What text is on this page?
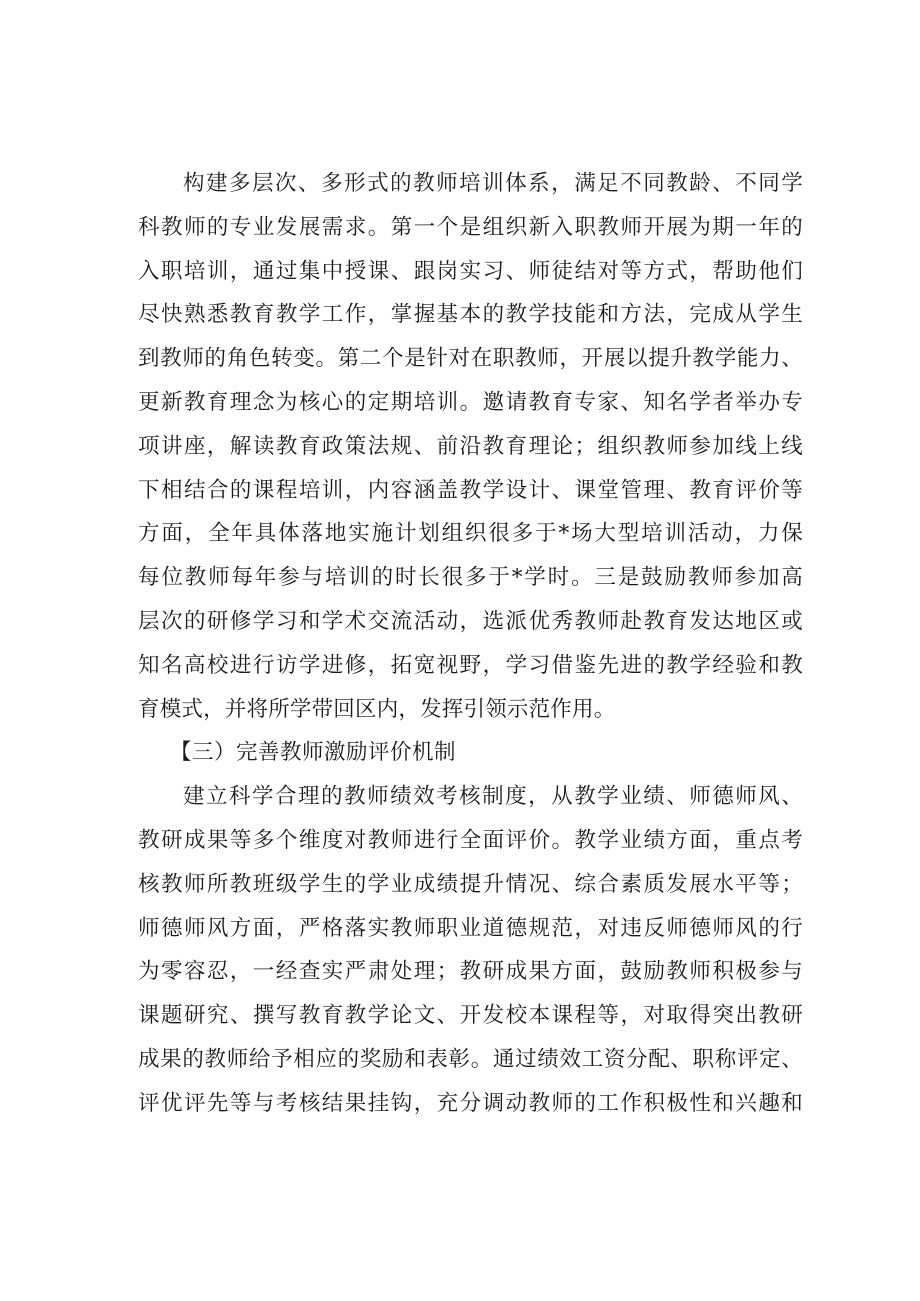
构建多层次、多形式的教师培训体系，满足不同教龄、不同学
科教师的专业发展需求。第一个是组织新入职教师开展为期一年的
入职培训，通过集中授课、跟岗实习、师徒结对等方式，帮助他们
尽快熟悉教育教学工作，掌握基本的教学技能和方法，完成从学生
到教师的角色转变。第二个是针对在职教师，开展以提升教学能力、
更新教育理念为核心的定期培训。邀请教育专家、知名学者举办专
项讲座，解读教育政策法规、前沿教育理论；组织教师参加线上线
下相结合的课程培训，内容涵盖教学设计、课堂管理、教育评价等
方面，全年具体落地实施计划组织很多于*场大型培训活动，力保
每位教师每年参与培训的时长很多于*学时。三是鼓励教师参加高
层次的研修学习和学术交流活动，选派优秀教师赴教育发达地区或
知名高校进行访学进修，拓宽视野，学习借鉴先进的教学经验和教
育模式，并将所学带回区内，发挥引领示范作用。
【三）完善教师激励评价机制
建立科学合理的教师绩效考核制度，从教学业绩、师德师风、
教研成果等多个维度对教师进行全面评价。教学业绩方面，重点考
核教师所教班级学生的学业成绩提升情况、综合素质发展水平等；
师德师风方面，严格落实教师职业道德规范，对违反师德师风的行
为零容忍，一经查实严肃处理；教研成果方面，鼓励教师积极参与
课题研究、撰写教育教学论文、开发校本课程等，对取得突出教研
成果的教师给予相应的奖励和表彰。通过绩效工资分配、职称评定、
评优评先等与考核结果挂钩，充分调动教师的工作积极性和兴趣和
